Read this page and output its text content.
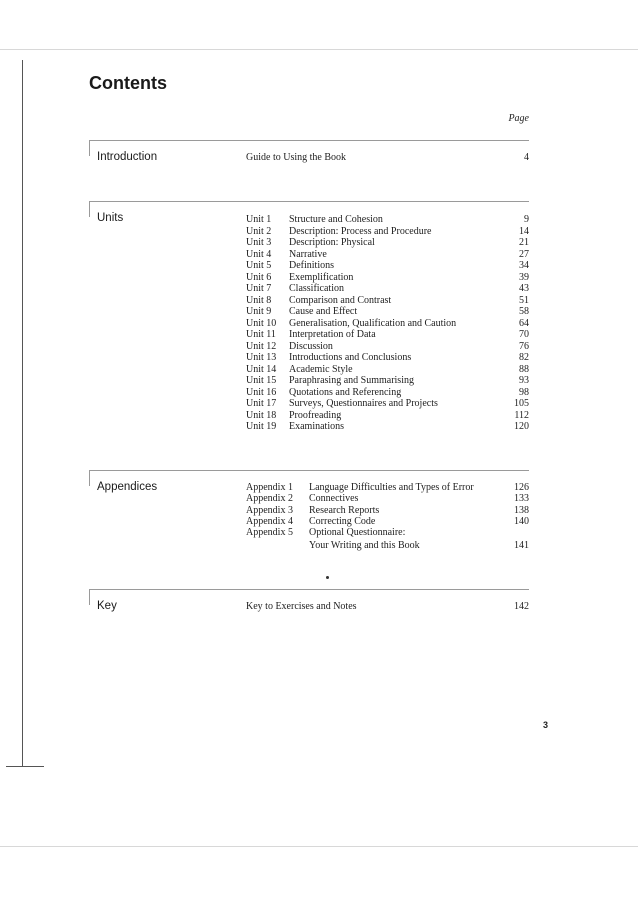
Contents
Page
Introduction	Guide to Using the Book	4
Units	Unit 1 Structure and Cohesion	9
Unit 2 Description: Process and Procedure	14
Unit 3 Description: Physical	21
Unit 4 Narrative	27
Unit 5 Definitions	34
Unit 6 Exemplification	39
Unit 7 Classification	43
Unit 8 Comparison and Contrast	51
Unit 9 Cause and Effect	58
Unit 10 Generalisation, Qualification and Caution	64
Unit 11 Interpretation of Data	70
Unit 12 Discussion	76
Unit 13 Introductions and Conclusions	82
Unit 14 Academic Style	88
Unit 15 Paraphrasing and Summarising	93
Unit 16 Quotations and Referencing	98
Unit 17 Surveys, Questionnaires and Projects	105
Unit 18 Proofreading	112
Unit 19 Examinations	120
Appendices	Appendix 1 Language Difficulties and Types of Error	126
Appendix 2 Connectives	133
Appendix 3 Research Reports	138
Appendix 4 Correcting Code	140
Appendix 5 Optional Questionnaire:
Your Writing and this Book	141
Key	Key to Exercises and Notes	142
3
